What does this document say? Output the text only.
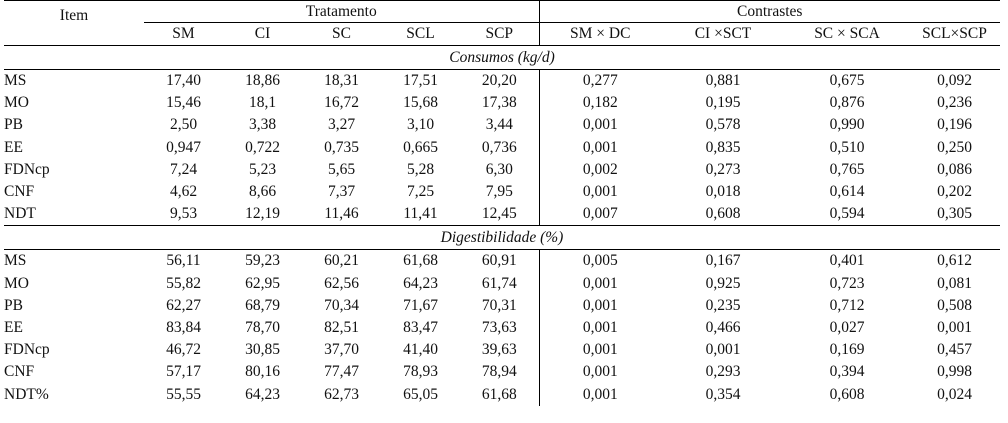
Item	Tratamento					Contrastes			
	SM	CI	SC	SCL	SCP	SM × DC	CI ×SCT	SC × SCA	SCL×SCP
Consumos (kg/d)									
MS	17,40	18,86	18,31	17,51	20,20	0,277	0,881	0,675	0,092
MO	15,46	18,1	16,72	15,68	17,38	0,182	0,195	0,876	0,236
PB	2,50	3,38	3,27	3,10	3,44	0,001	0,578	0,990	0,196
EE	0,947	0,722	0,735	0,665	0,736	0,001	0,835	0,510	0,250
FDNcp	7,24	5,23	5,65	5,28	6,30	0,002	0,273	0,765	0,086
CNF	4,62	8,66	7,37	7,25	7,95	0,001	0,018	0,614	0,202
NDT	9,53	12,19	11,46	11,41	12,45	0,007	0,608	0,594	0,305
Digestibilidade (%)									
MS	56,11	59,23	60,21	61,68	60,91	0,005	0,167	0,401	0,612
MO	55,82	62,95	62,56	64,23	61,74	0,001	0,925	0,723	0,081
PB	62,27	68,79	70,34	71,67	70,31	0,001	0,235	0,712	0,508
EE	83,84	78,70	82,51	83,47	73,63	0,001	0,466	0,027	0,001
FDNcp	46,72	30,85	37,70	41,40	39,63	0,001	0,001	0,169	0,457
CNF	57,17	80,16	77,47	78,93	78,94	0,001	0,293	0,394	0,998
NDT%	55,55	64,23	62,73	65,05	61,68	0,001	0,354	0,608	0,024
